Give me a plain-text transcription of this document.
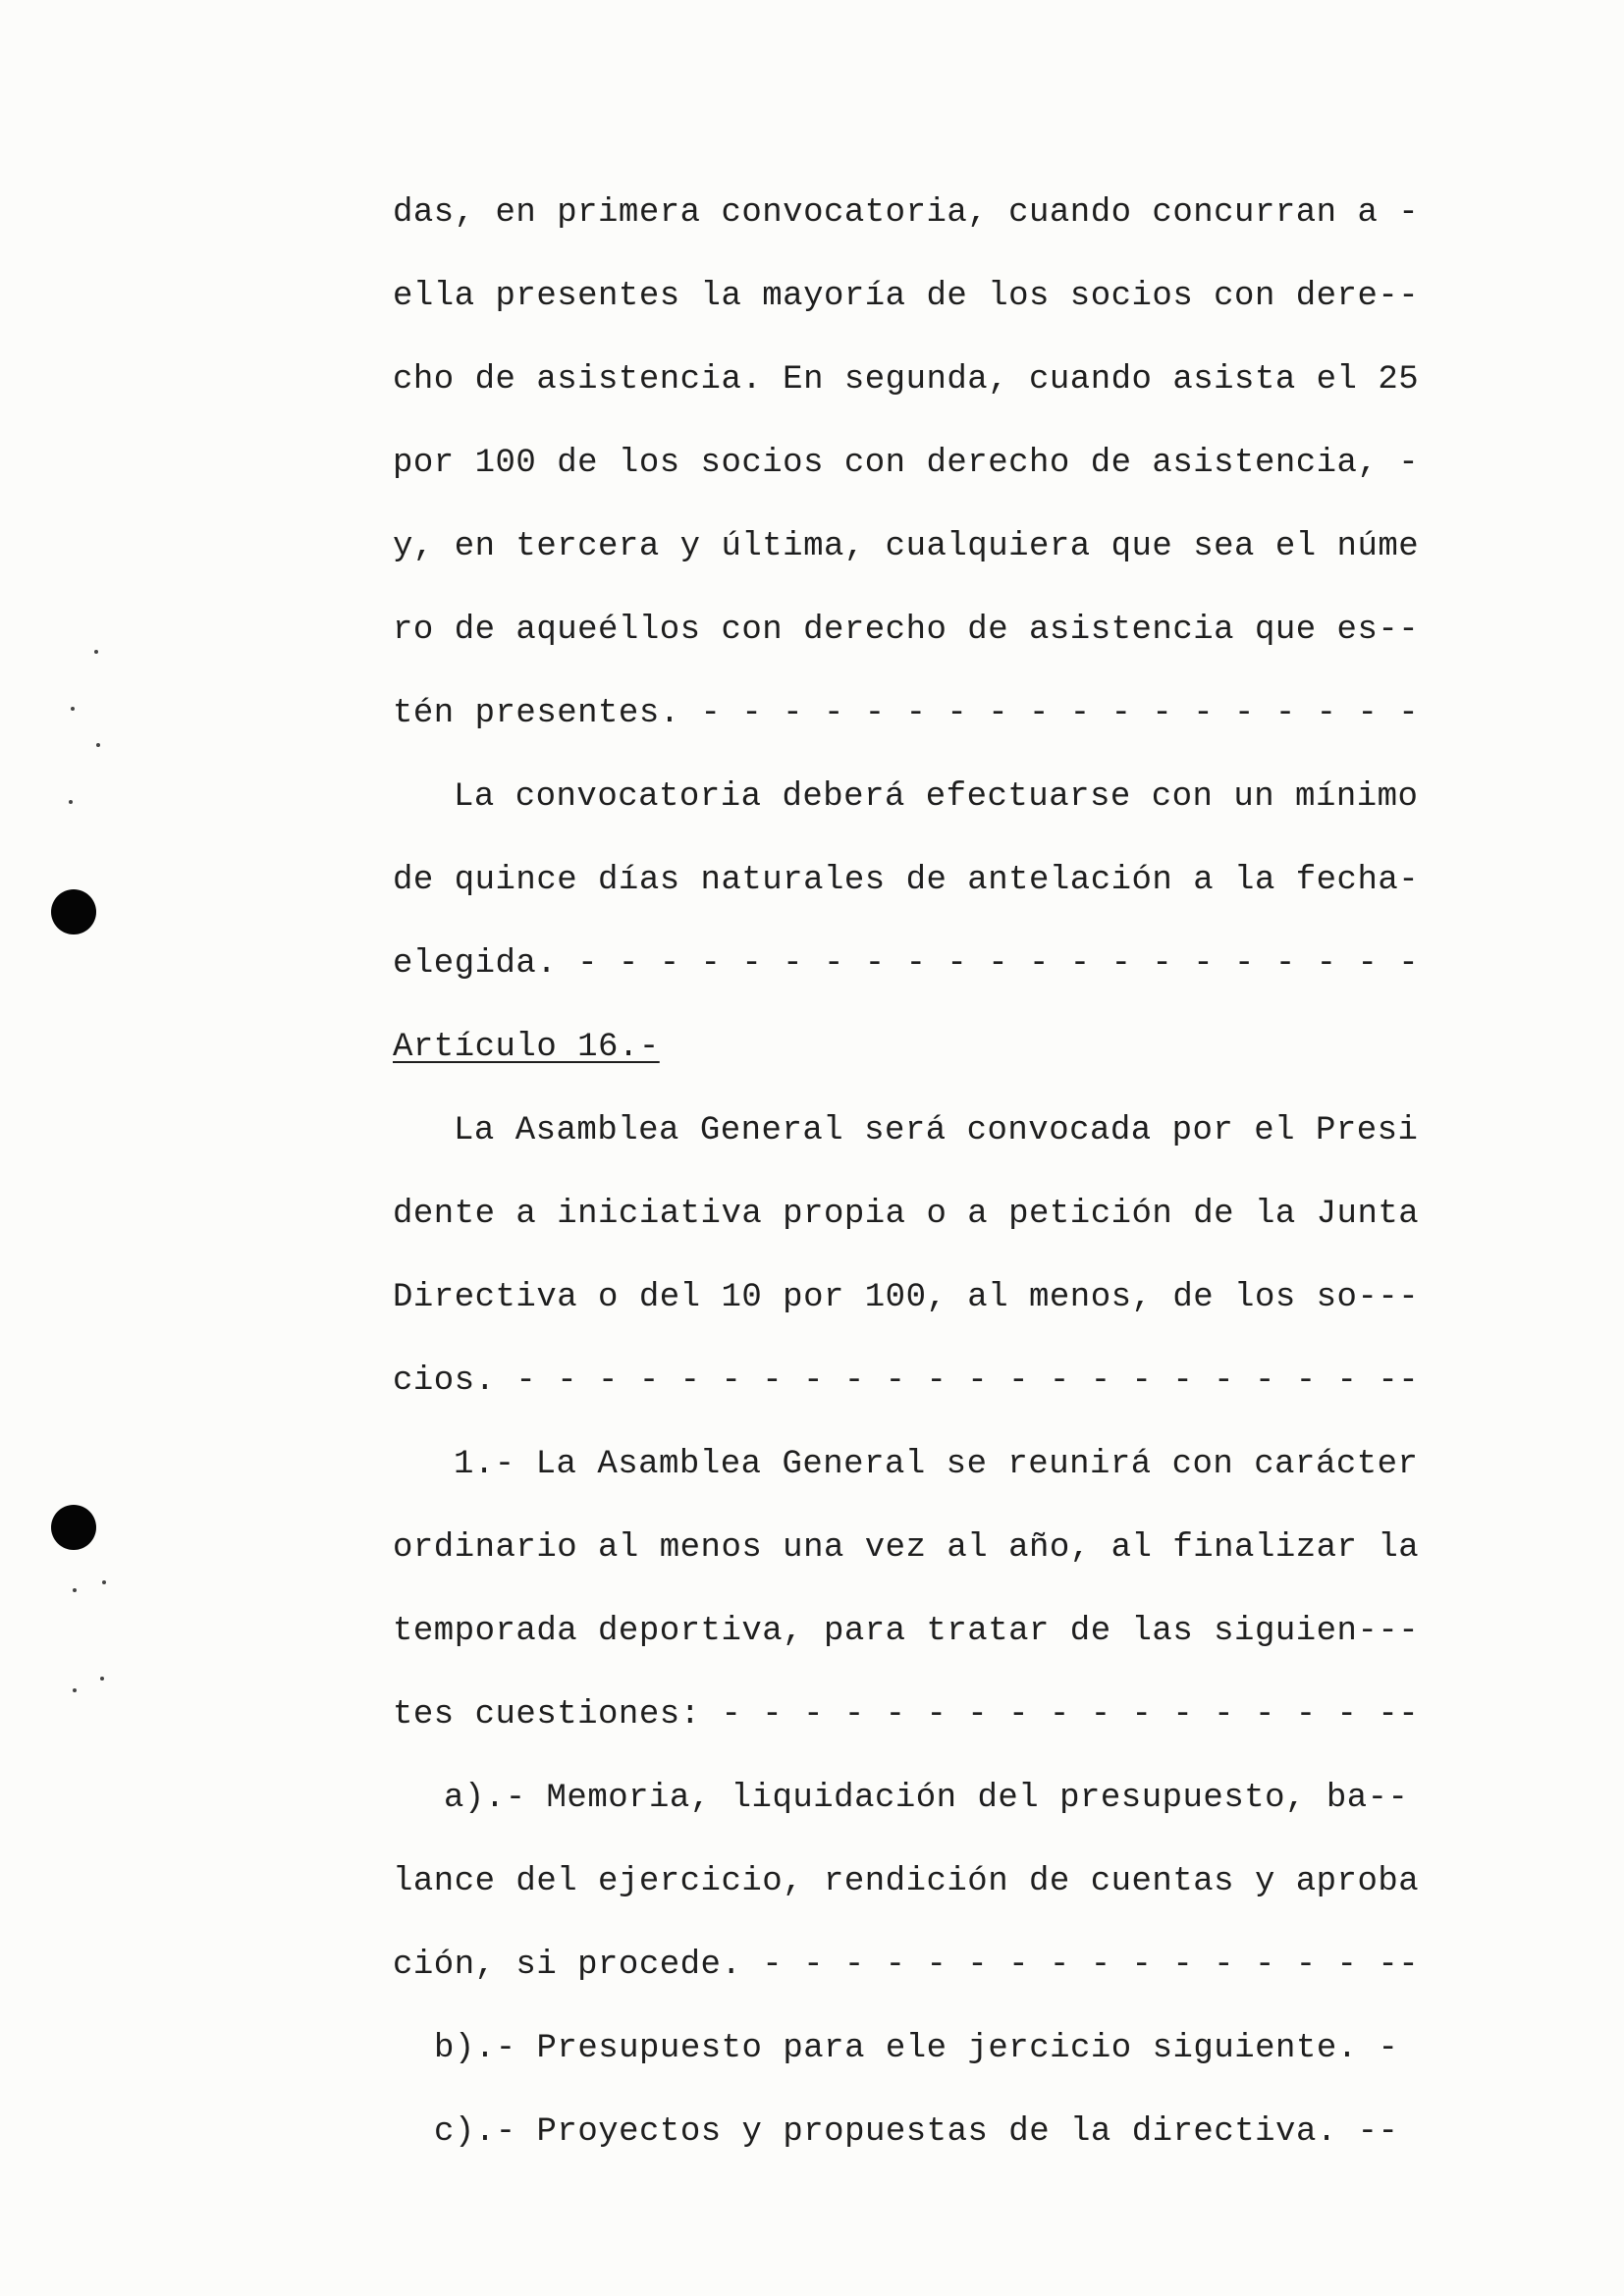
das, en primera convocatoria, cuando concurran a -
ella presentes la mayoría de los socios con dere--
cho de asistencia. En segunda, cuando asista el 25
por 100 de los socios con derecho de asistencia, -
y, en tercera y última, cualquiera que sea el núme
ro de aqueéllos con derecho de asistencia que es--
tén presentes. - - - - - - - - - - - - - - - - - -
La convocatoria deberá efectuarse con un mínimo
de quince días naturales de antelación a la fecha-
elegida. - - - - - - - - - - - - - - - - - - - - -
Artículo 16.-
La Asamblea General será convocada por el Presi
dente a iniciativa propia o a petición de la Junta
Directiva o del 10 por 100, al menos, de los so---
cios. - - - - - - - - - - - - - - - - - - - - - --
1.- La Asamblea General se reunirá con carácter
ordinario al menos una vez al año, al finalizar la
temporada deportiva, para tratar de las siguien---
tes cuestiones: - - - - - - - - - - - - - - - - --
a).- Memoria, liquidación del presupuesto, ba--
lance del ejercicio, rendición de cuentas y aproba
ción, si procede. - - - - - - - - - - - - - - - --
b).- Presupuesto para ele jercicio siguiente. -
c).- Proyectos y propuestas de la directiva. --
